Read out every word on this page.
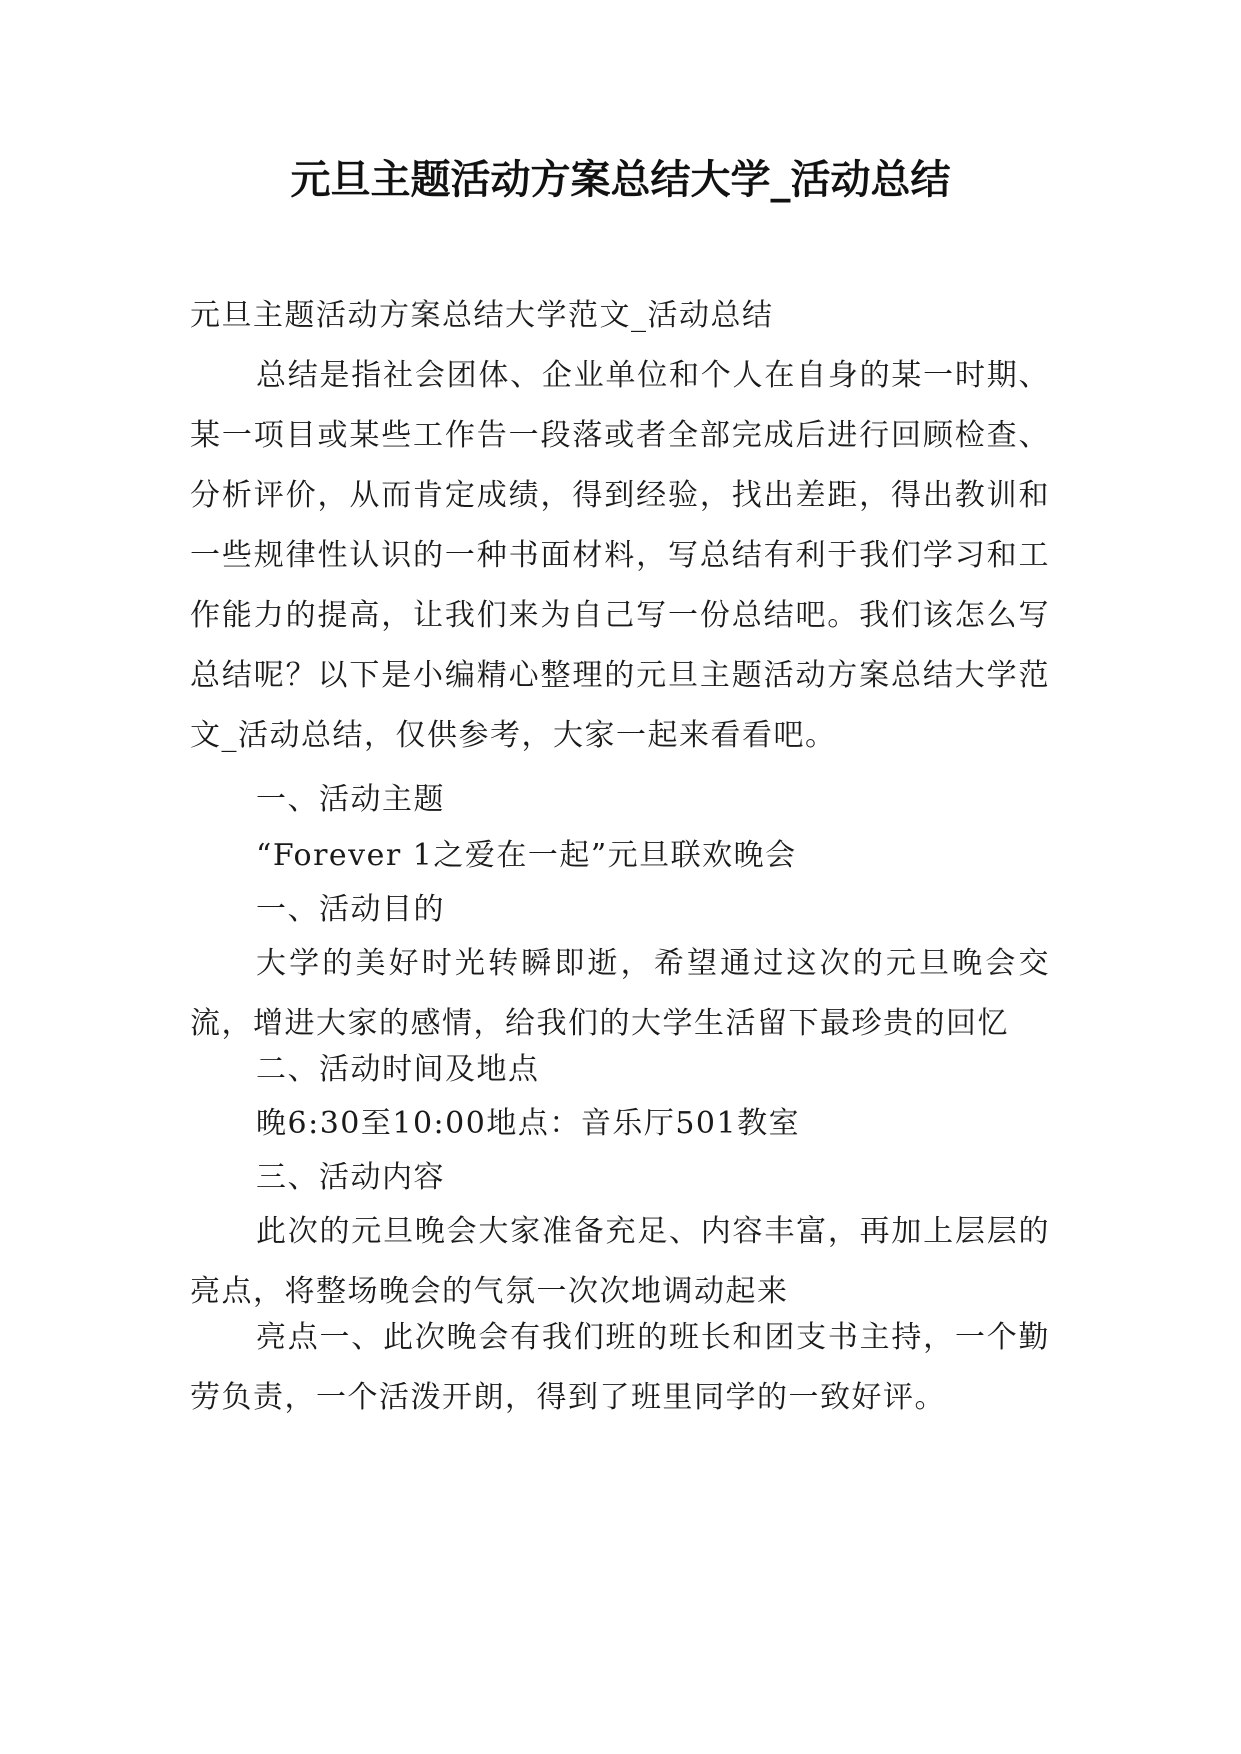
元旦主题活动方案总结大学_活动总结
元旦主题活动方案总结大学范文_活动总结
总结是指社会团体、企业单位和个人在自身的某一时期、某一项目或某些工作告一段落或者全部完成后进行回顾检查、分析评价，从而肯定成绩，得到经验，找出差距，得出教训和一些规律性认识的一种书面材料，写总结有利于我们学习和工作能力的提高，让我们来为自己写一份总结吧。我们该怎么写总结呢？以下是小编精心整理的元旦主题活动方案总结大学范文_活动总结，仅供参考，大家一起来看看吧。
一、活动主题
“Forever 1之爱在一起”元旦联欢晚会
一、活动目的
大学的美好时光转瞬即逝，希望通过这次的元旦晚会交流，增进大家的感情，给我们的大学生活留下最珍贵的回忆
二、活动时间及地点
晚6:30至10:00地点：音乐厅501教室
三、活动内容
此次的元旦晚会大家准备充足、内容丰富，再加上层层的亮点，将整场晚会的气氛一次次地调动起来
亮点一、此次晚会有我们班的班长和团支书主持，一个勤劳负责，一个活泼开朗，得到了班里同学的一致好评。
